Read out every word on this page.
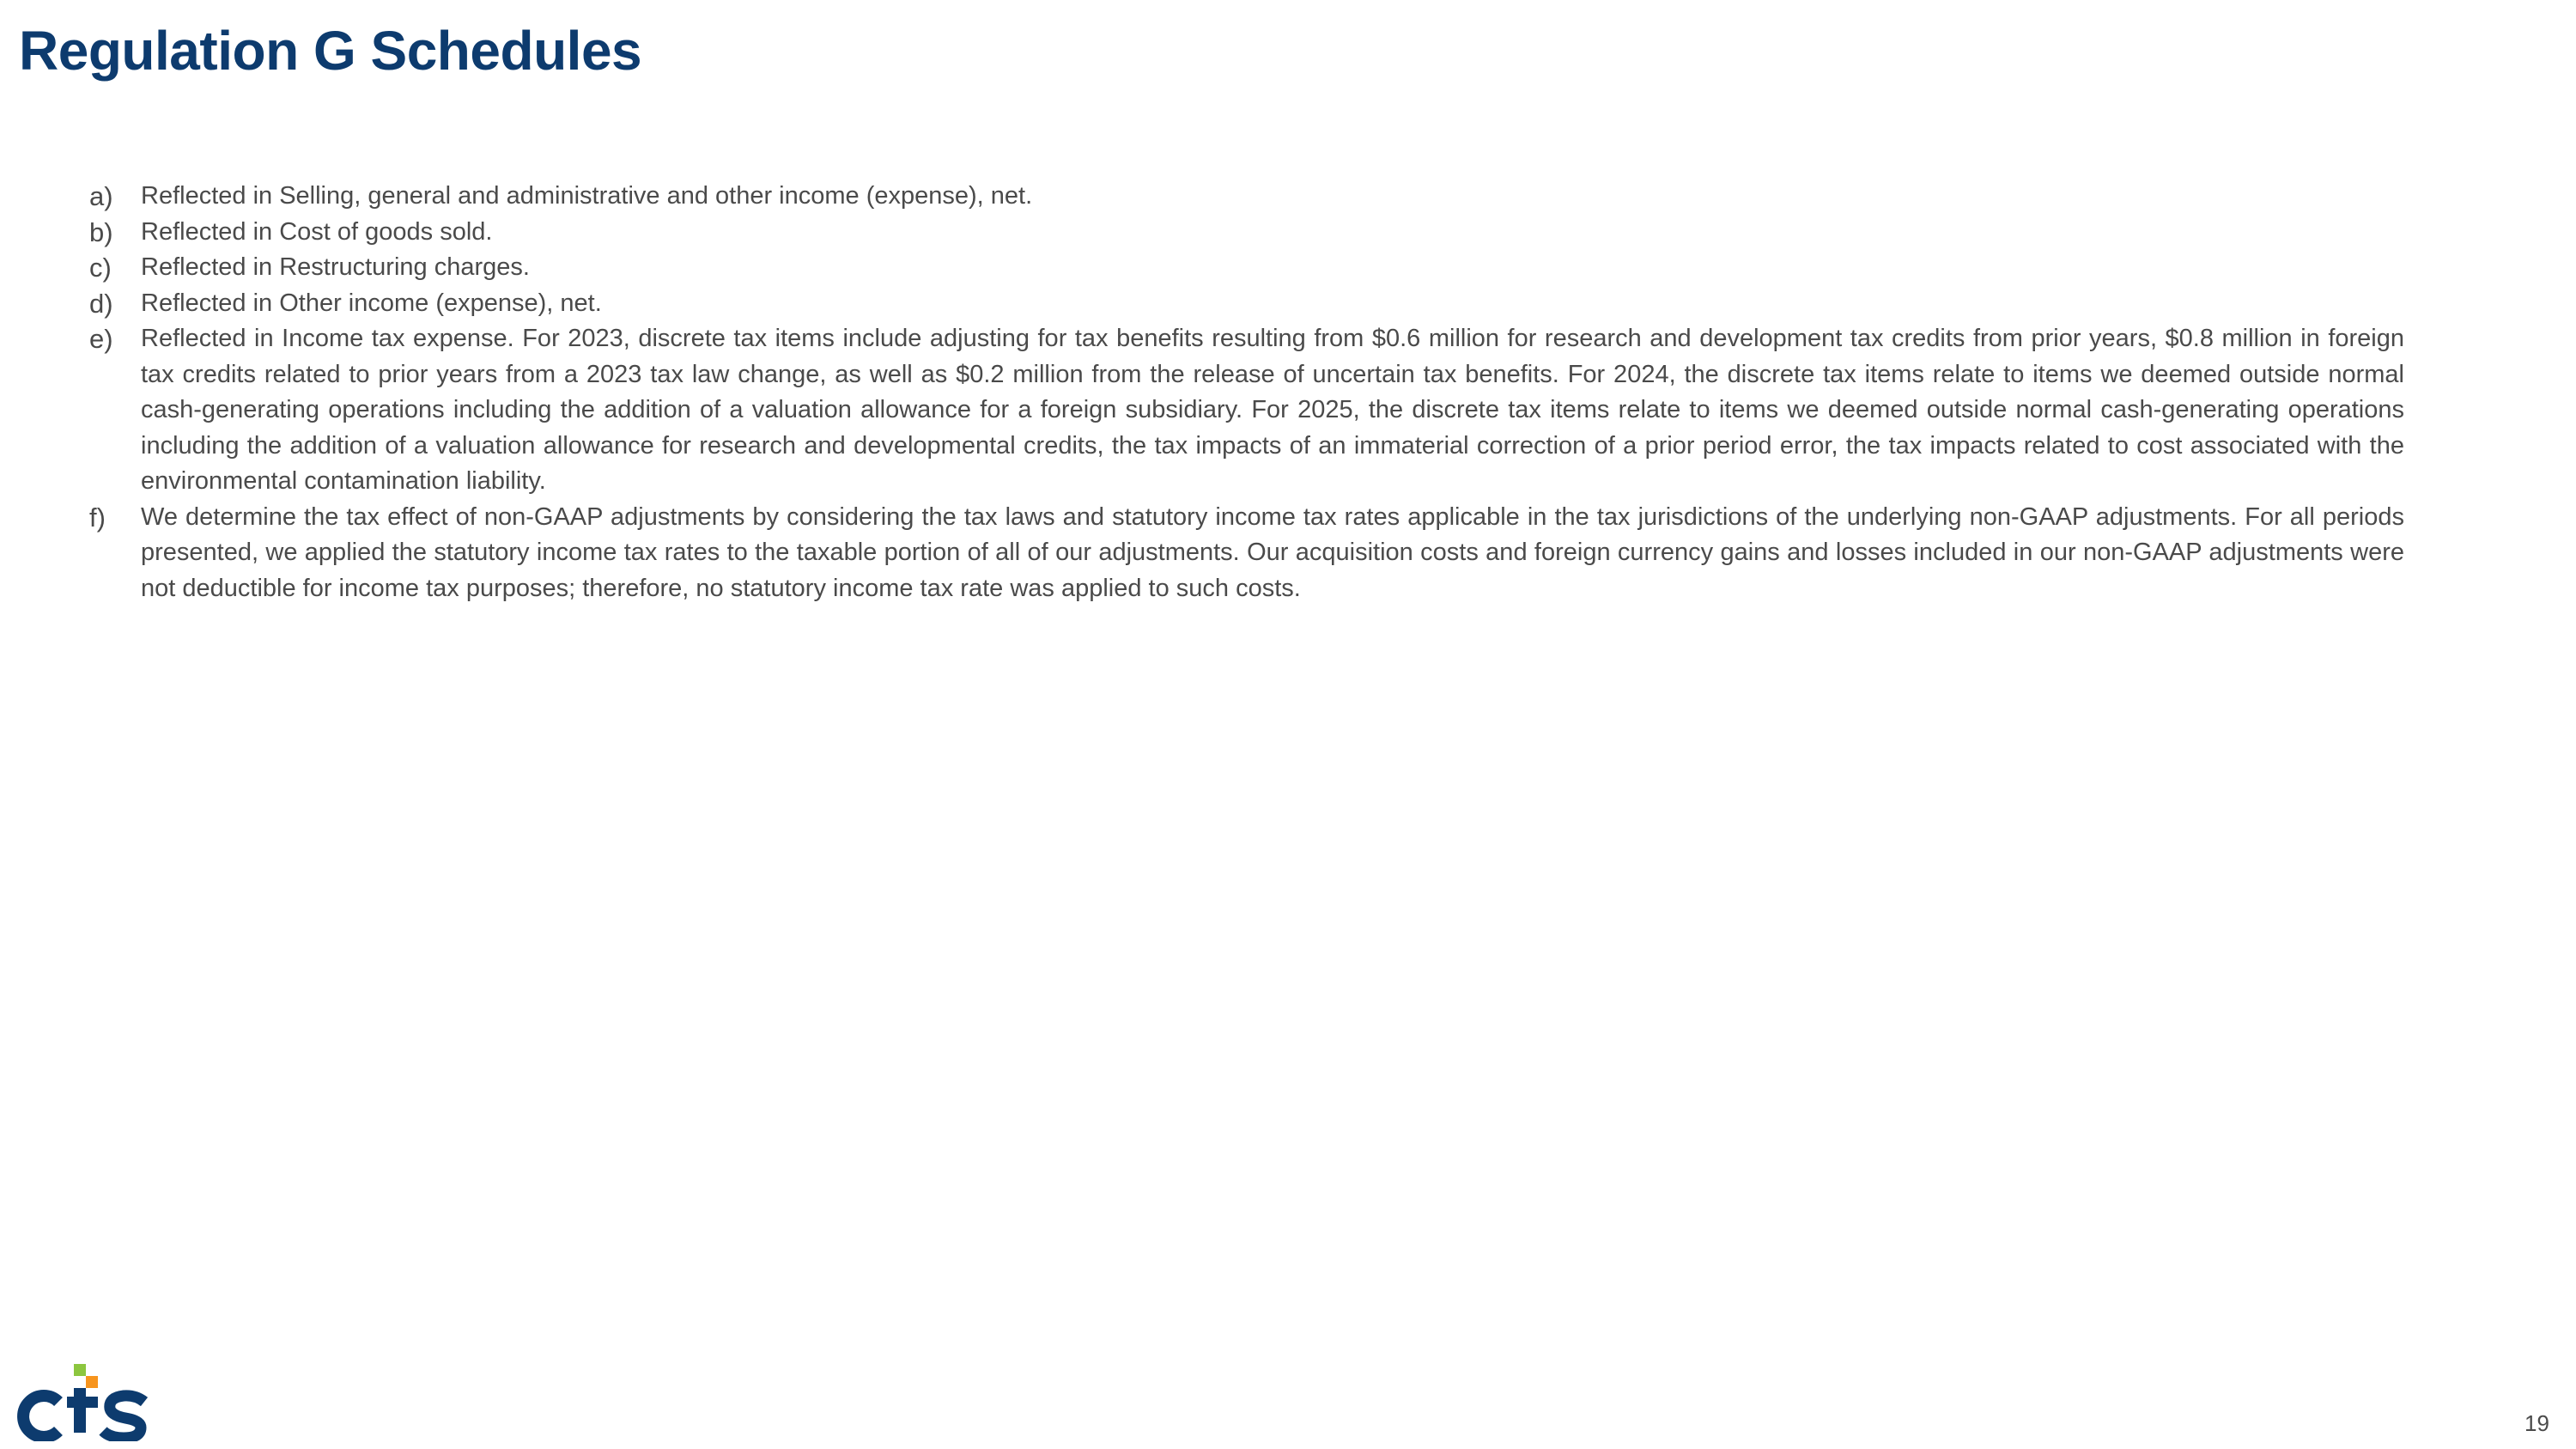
Regulation G Schedules
a)	Reflected in Selling, general and administrative and other income (expense), net.
b)	Reflected in Cost of goods sold.
c)	Reflected in Restructuring charges.
d)	Reflected in Other income (expense), net.
e)	Reflected in Income tax expense. For 2023, discrete tax items include adjusting for tax benefits resulting from $0.6 million for research and development tax credits from prior years, $0.8 million in foreign tax credits related to prior years from a 2023 tax law change, as well as $0.2 million from the release of uncertain tax benefits. For 2024, the discrete tax items relate to items we deemed outside normal cash-generating operations including the addition of a valuation allowance for a foreign subsidiary. For 2025, the discrete tax items relate to items we deemed outside normal cash-generating operations including the addition of a valuation allowance for research and developmental credits, the tax impacts of an immaterial correction of a prior period error, the tax impacts related to cost associated with the environmental contamination liability.
f)	We determine the tax effect of non-GAAP adjustments by considering the tax laws and statutory income tax rates applicable in the tax jurisdictions of the underlying non-GAAP adjustments. For all periods presented, we applied the statutory income tax rates to the taxable portion of all of our adjustments. Our acquisition costs and foreign currency gains and losses included in our non-GAAP adjustments were not deductible for income tax purposes; therefore, no statutory income tax rate was applied to such costs.
19
